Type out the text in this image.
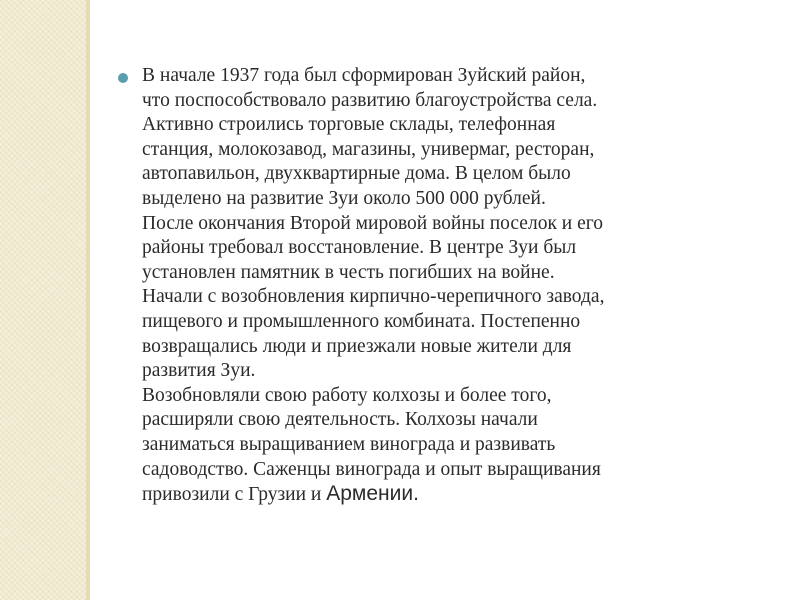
В начале 1937 года был сформирован Зуйский район,
что поспособствовало развитию благоустройства села.
Активно строились торговые склады, телефонная
станция, молокозавод, магазины, универмаг, ресторан,
автопавильон, двухквартирные дома. В целом было
выделено на развитие Зуи около 500 000 рублей.
После окончания Второй мировой войны поселок и его
районы требовал восстановление. В центре Зуи был
установлен памятник в честь погибших на войне.
Начали с возобновления кирпично-черепичного завода,
пищевого и промышленного комбината. Постепенно
возвращались люди и приезжали новые жители для
развития Зуи.
Возобновляли свою работу колхозы и более того,
расширяли свою деятельность. Колхозы начали
заниматься выращиванием винограда и развивать
садоводство. Саженцы винограда и опыт выращивания
привозили с Грузии и Армении.
